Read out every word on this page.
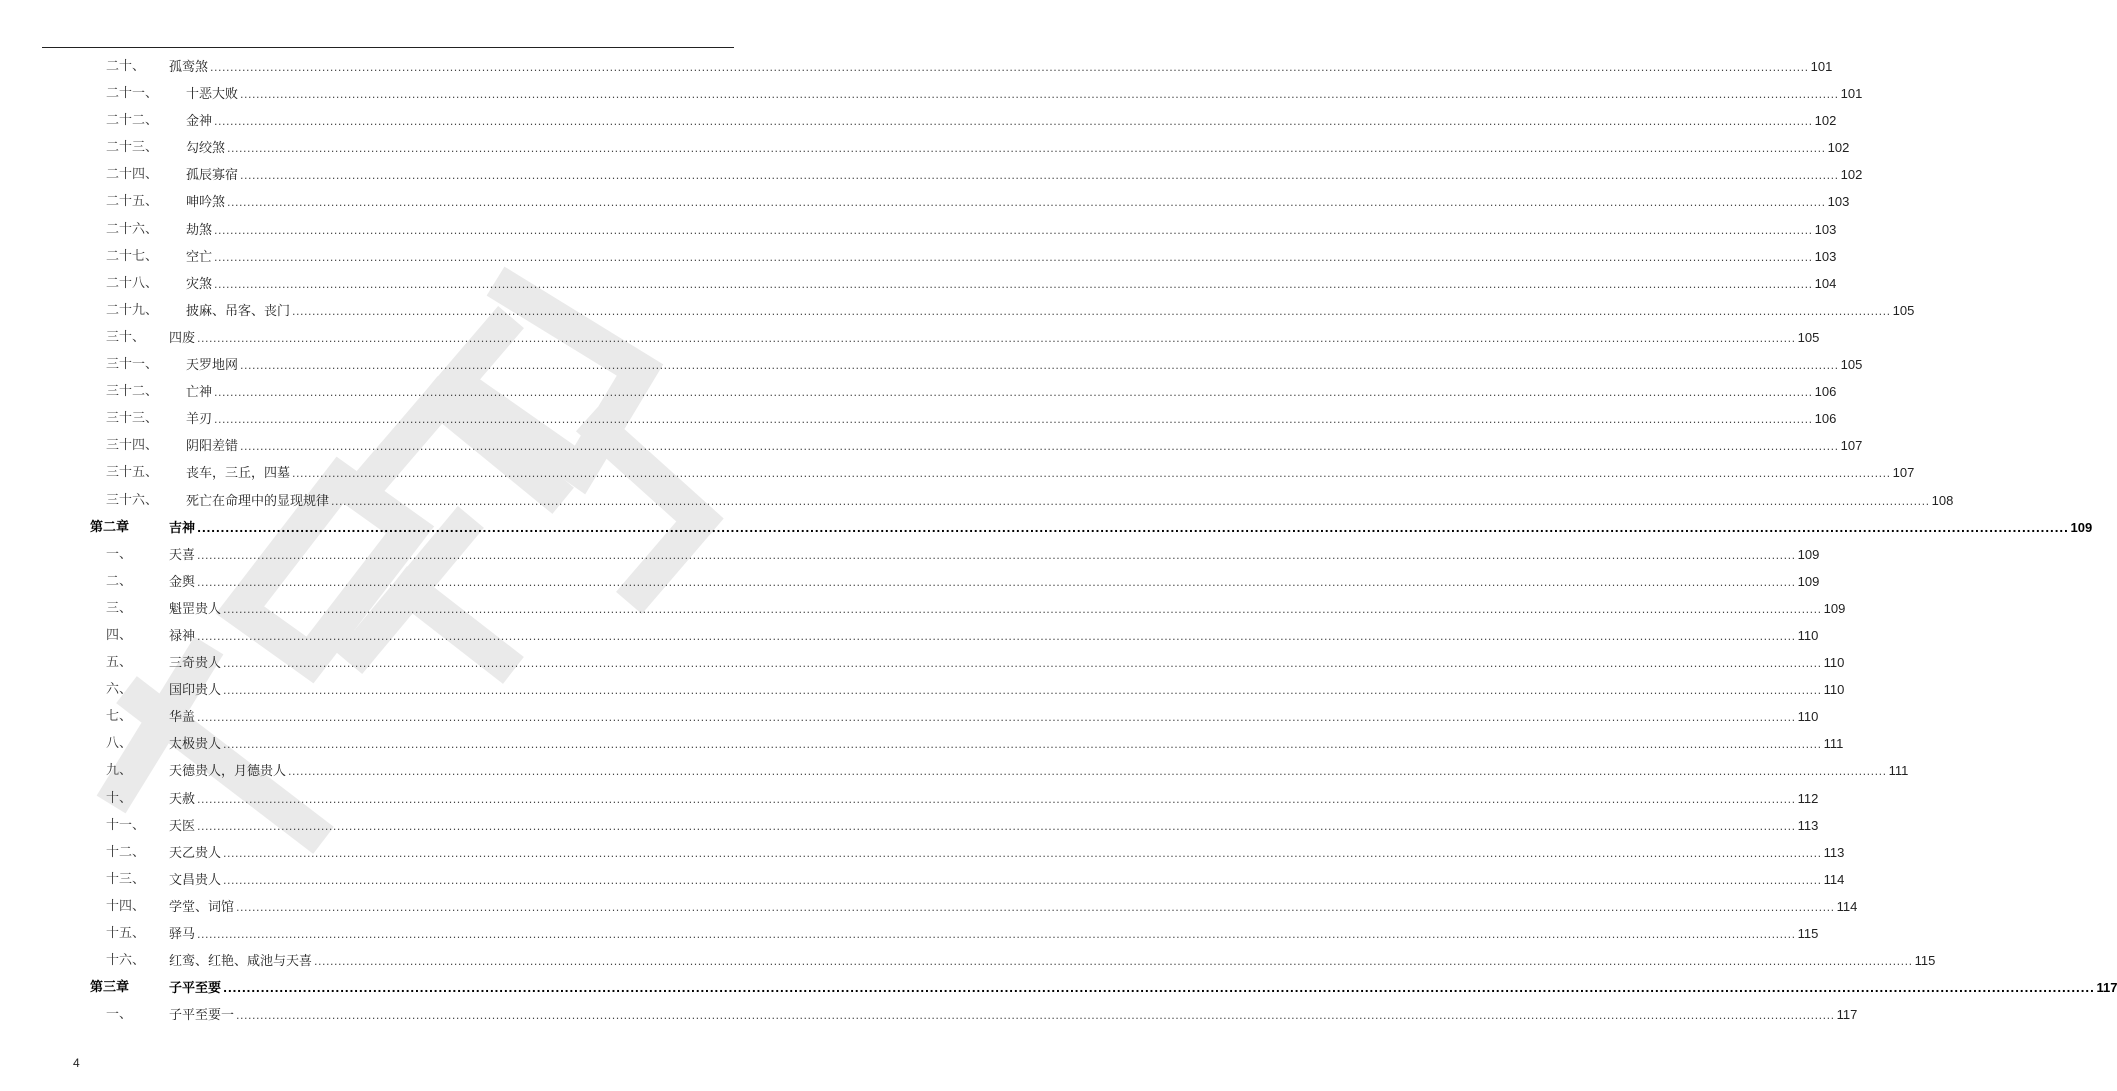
二十、 孤鸾煞 ................................................................................................................................................................................................................................................................................................................................................................................................................ 101
二十一、 十恶大败 ................................................................................................................................................................................................................................................................................................................................................................................................................ 101
二十二、 金神 ................................................................................................................................................................................................................................................................................................................................................................................................................ 102
二十三、 勾绞煞 ................................................................................................................................................................................................................................................................................................................................................................................................................ 102
二十四、 孤辰寡宿 ................................................................................................................................................................................................................................................................................................................................................................................................................ 102
二十五、 呻吟煞 ................................................................................................................................................................................................................................................................................................................................................................................................................ 103
二十六、 劫煞 ................................................................................................................................................................................................................................................................................................................................................................................................................ 103
二十七、 空亡 ................................................................................................................................................................................................................................................................................................................................................................................................................ 103
二十八、 灾煞 ................................................................................................................................................................................................................................................................................................................................................................................................................ 104
二十九、 披麻、吊客、丧门 ................................................................................................................................................................................................................................................................................................................................................................................................................ 105
三十、 四废 ................................................................................................................................................................................................................................................................................................................................................................................................................ 105
三十一、 天罗地网 ................................................................................................................................................................................................................................................................................................................................................................................................................ 105
三十二、 亡神 ................................................................................................................................................................................................................................................................................................................................................................................................................ 106
三十三、 羊刃 ................................................................................................................................................................................................................................................................................................................................................................................................................ 106
三十四、 阴阳差错 ................................................................................................................................................................................................................................................................................................................................................................................................................ 107
三十五、 丧车，三丘，四墓 ................................................................................................................................................................................................................................................................................................................................................................................................................ 107
三十六、 死亡在命理中的显现规律 ................................................................................................................................................................................................................................................................................................................................................................................................................ 108
第二章	吉神 ................................................................................................................................................................................................................................................................................................................................................................................................................ 109
一、	天喜 ................................................................................................................................................................................................................................................................................................................................................................................................................ 109
二、	金舆 ................................................................................................................................................................................................................................................................................................................................................................................................................ 109
三、	魁罡贵人 ................................................................................................................................................................................................................................................................................................................................................................................................................ 109
四、	禄神 ................................................................................................................................................................................................................................................................................................................................................................................................................ 110
五、	三奇贵人 ................................................................................................................................................................................................................................................................................................................................................................................................................ 110
六、	国印贵人 ................................................................................................................................................................................................................................................................................................................................................................................................................ 110
七、	华盖 ................................................................................................................................................................................................................................................................................................................................................................................................................ 110
八、	太极贵人 ................................................................................................................................................................................................................................................................................................................................................................................................................ 111
九、	天德贵人，月德贵人 ................................................................................................................................................................................................................................................................................................................................................................................................................ 111
十、	天赦 ................................................................................................................................................................................................................................................................................................................................................................................................................ 112
十一、 天医 ................................................................................................................................................................................................................................................................................................................................................................................................................ 113
十二、 天乙贵人 ................................................................................................................................................................................................................................................................................................................................................................................................................ 113
十三、 文昌贵人 ................................................................................................................................................................................................................................................................................................................................................................................................................ 114
十四、 学堂、词馆 ................................................................................................................................................................................................................................................................................................................................................................................................................ 114
十五、 驿马 ................................................................................................................................................................................................................................................................................................................................................................................................................ 115
十六、 红鸾、红艳、咸池与天喜 ................................................................................................................................................................................................................................................................................................................................................................................................................ 115
第三章	子平至要 ................................................................................................................................................................................................................................................................................................................................................................................................................ 117
一、	子平至要一 ................................................................................................................................................................................................................................................................................................................................................................................................................ 117
4
